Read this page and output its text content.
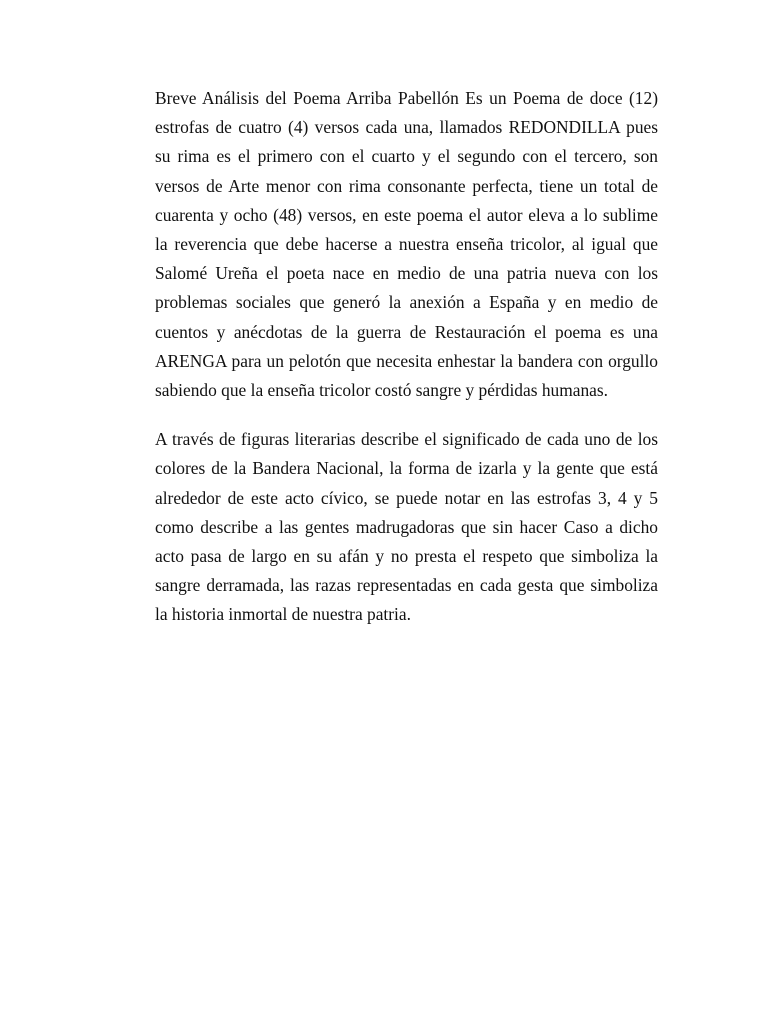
Breve Análisis del Poema Arriba Pabellón Es un Poema de doce (12) estrofas de cuatro (4) versos cada una, llamados REDONDILLA pues su rima es el primero con el cuarto y el segundo con el tercero, son versos de Arte menor con rima consonante perfecta, tiene un total de cuarenta y ocho (48) versos, en este poema el autor eleva a lo sublime la reverencia que debe hacerse a nuestra enseña tricolor, al igual que Salomé Ureña el poeta nace en medio de una patria nueva con los problemas sociales que generó la anexión a España y en medio de cuentos y anécdotas de la guerra de Restauración el poema es una ARENGA para un pelotón que necesita enhestar la bandera con orgullo sabiendo que la enseña tricolor costó sangre y pérdidas humanas.

A través de figuras literarias describe el significado de cada uno de los colores de la Bandera Nacional, la forma de izarla y la gente que está alrededor de este acto cívico, se puede notar en las estrofas 3, 4 y 5 como describe a las gentes madrugadoras que sin hacer Caso a dicho acto pasa de largo en su afán y no presta el respeto que simboliza la sangre derramada, las razas representadas en cada gesta que simboliza la historia inmortal de nuestra patria.
